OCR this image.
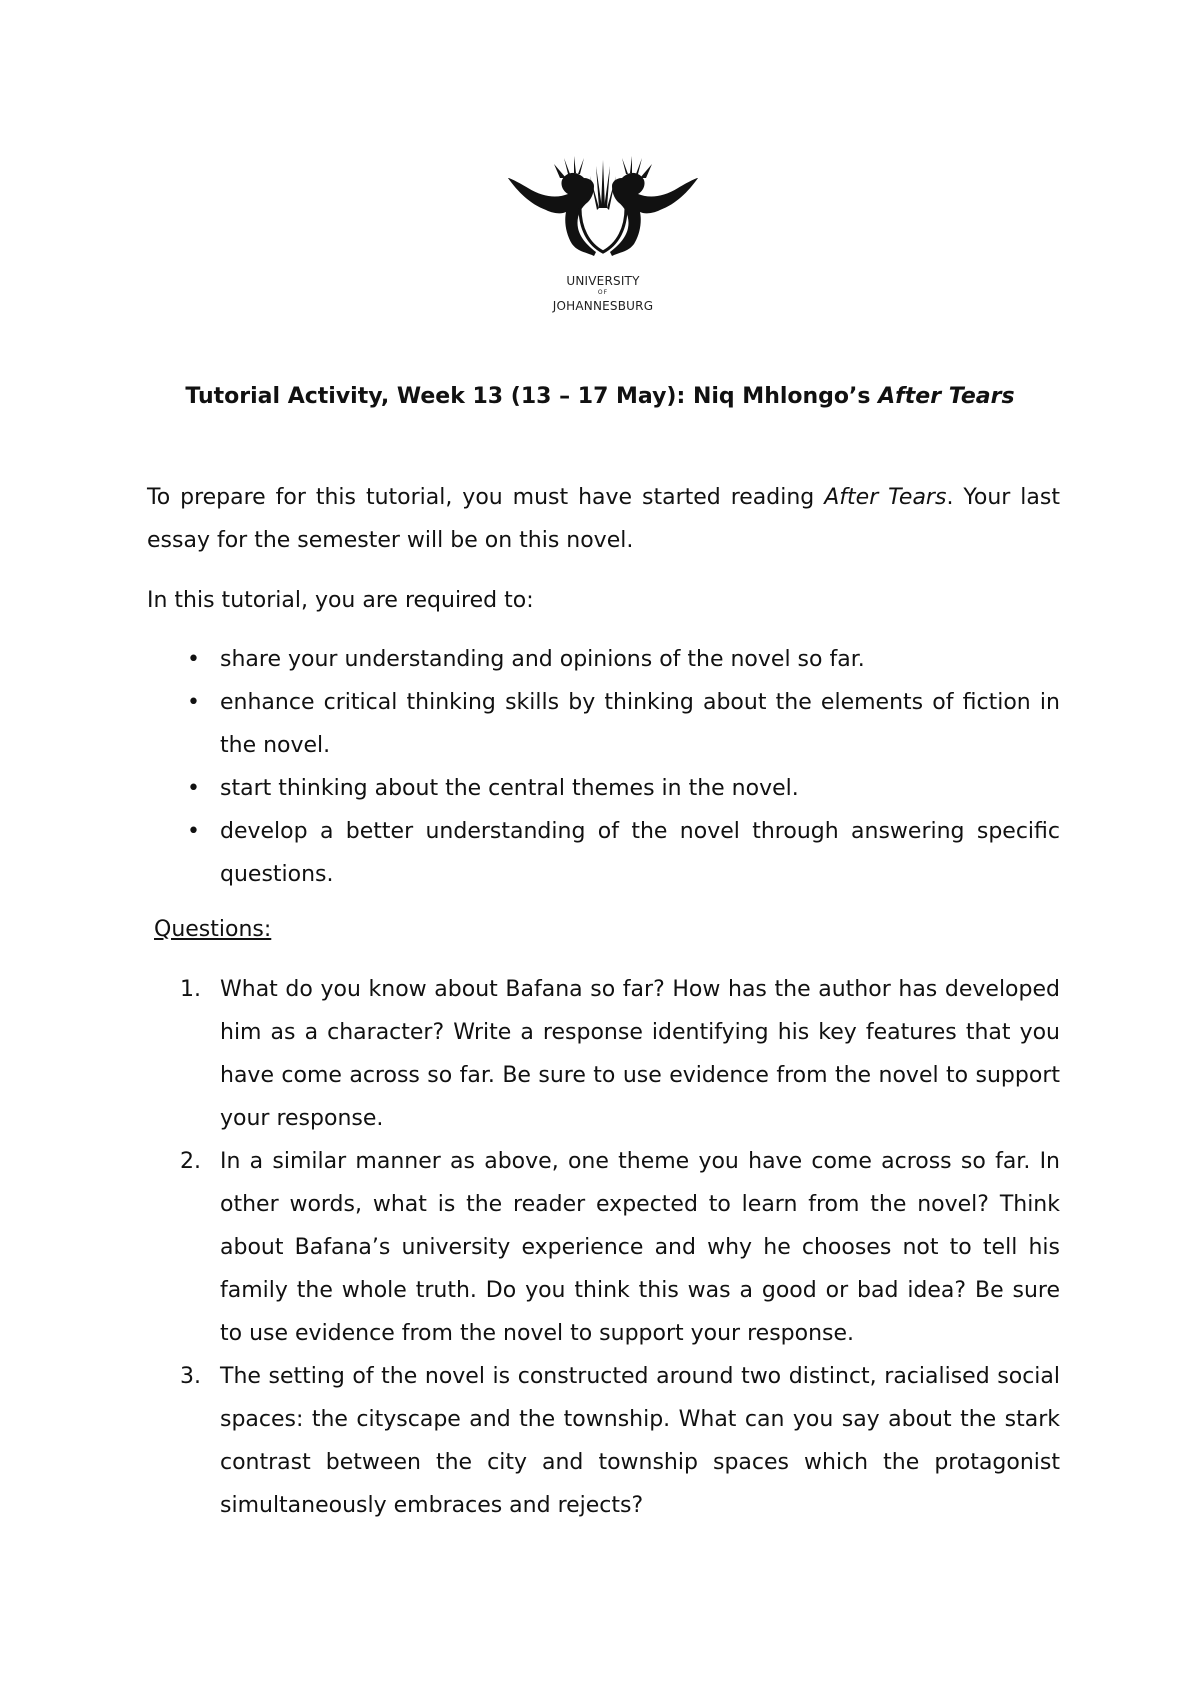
UNIVERSITY
OF
JOHANNESBURG
Tutorial Activity, Week 13 (13 – 17 May): Niq Mhlongo’s After Tears

To prepare for this tutorial, you must have started reading After Tears. Your last essay for the semester will be on this novel.

In this tutorial, you are required to:

• share your understanding and opinions of the novel so far.
• enhance critical thinking skills by thinking about the elements of fiction in the novel.
• start thinking about the central themes in the novel.
• develop a better understanding of the novel through answering specific questions.
Questions:
1. What do you know about Bafana so far? How has the author has developed him as a character? Write a response identifying his key features that you have come across so far. Be sure to use evidence from the novel to support your response.
2. In a similar manner as above, one theme you have come across so far. In other words, what is the reader expected to learn from the novel? Think about Bafana’s university experience and why he chooses not to tell his family the whole truth. Do you think this was a good or bad idea? Be sure to use evidence from the novel to support your response.
3. The setting of the novel is constructed around two distinct, racialised social spaces: the cityscape and the township. What can you say about the stark contrast between the city and township spaces which the protagonist simultaneously embraces and rejects?
